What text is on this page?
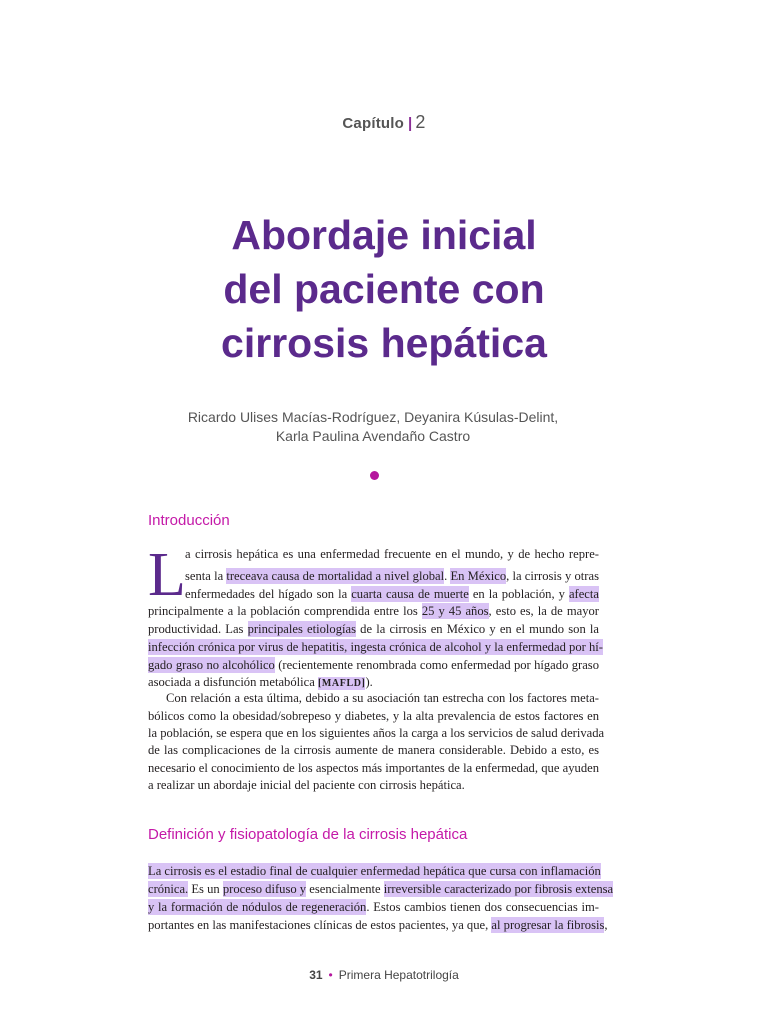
Capítulo | 2
Abordaje inicial
del paciente con
cirrosis hepática
Ricardo Ulises Macías-Rodríguez, Deyanira Kúsulas-Delint,
Karla Paulina Avendaño Castro
Introducción
L a cirrosis hepática es una enfermedad frecuente en el mundo, y de hecho repre-
senta la treceava causa de mortalidad a nivel global. En México, la cirrosis y otras
enfermedades del hígado son la cuarta causa de muerte en la población, y afecta
principalmente a la población comprendida entre los 25 y 45 años, esto es, la de mayor
productividad. Las principales etiologías de la cirrosis en México y en el mundo son la
infección crónica por virus de hepatitis, ingesta crónica de alcohol y la enfermedad por hí-
gado graso no alcohólico (recientemente renombrada como enfermedad por hígado graso
asociada a disfunción metabólica [MAFLD]).
Con relación a esta última, debido a su asociación tan estrecha con los factores meta-
bólicos como la obesidad/sobrepeso y diabetes, y la alta prevalencia de estos factores en
la población, se espera que en los siguientes años la carga a los servicios de salud derivada
de las complicaciones de la cirrosis aumente de manera considerable. Debido a esto, es
necesario el conocimiento de los aspectos más importantes de la enfermedad, que ayuden
a realizar un abordaje inicial del paciente con cirrosis hepática.
Definición y fisiopatología de la cirrosis hepática
La cirrosis es el estadio final de cualquier enfermedad hepática que cursa con inflamación
crónica. Es un proceso difuso y esencialmente irreversible caracterizado por fibrosis extensa
y la formación de nódulos de regeneración. Estos cambios tienen dos consecuencias im-
portantes en las manifestaciones clínicas de estos pacientes, ya que, al progresar la fibrosis,
31 • Primera Hepatotrilogía
